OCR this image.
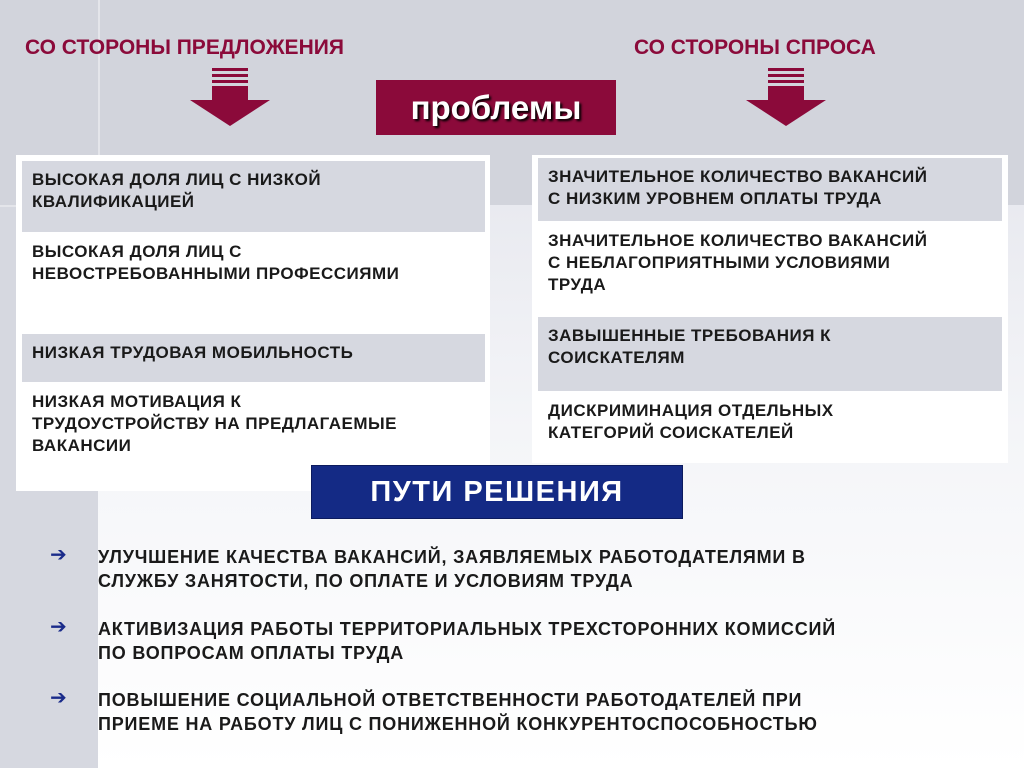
СО СТОРОНЫ ПРЕДЛОЖЕНИЯ	СО СТОРОНЫ СПРОСА
проблемы
ВЫСОКАЯ ДОЛЯ ЛИЦ С НИЗКОЙ
КВАЛИФИКАЦИЕЙ
ВЫСОКАЯ ДОЛЯ ЛИЦ С
НЕВОСТРЕБОВАННЫМИ ПРОФЕССИЯМИ
НИЗКАЯ ТРУДОВАЯ МОБИЛЬНОСТЬ
НИЗКАЯ МОТИВАЦИЯ К
ТРУДОУСТРОЙСТВУ НА ПРЕДЛАГАЕМЫЕ
ВАКАНСИИ
ЗНАЧИТЕЛЬНОЕ КОЛИЧЕСТВО ВАКАНСИЙ
С НИЗКИМ УРОВНЕМ ОПЛАТЫ ТРУДА
ЗНАЧИТЕЛЬНОЕ КОЛИЧЕСТВО ВАКАНСИЙ
С НЕБЛАГОПРИЯТНЫМИ УСЛОВИЯМИ
ТРУДА
ЗАВЫШЕННЫЕ ТРЕБОВАНИЯ К
СОИСКАТЕЛЯМ
ДИСКРИМИНАЦИЯ ОТДЕЛЬНЫХ
КАТЕГОРИЙ СОИСКАТЕЛЕЙ
ПУТИ РЕШЕНИЯ
➔	УЛУЧШЕНИЕ КАЧЕСТВА ВАКАНСИЙ, ЗАЯВЛЯЕМЫХ РАБОТОДАТЕЛЯМИ В
СЛУЖБУ ЗАНЯТОСТИ, ПО ОПЛАТЕ И УСЛОВИЯМ ТРУДА
➔	АКТИВИЗАЦИЯ РАБОТЫ ТЕРРИТОРИАЛЬНЫХ ТРЕХСТОРОННИХ КОМИССИЙ
ПО ВОПРОСАМ ОПЛАТЫ ТРУДА
➔	ПОВЫШЕНИЕ СОЦИАЛЬНОЙ ОТВЕТСТВЕННОСТИ РАБОТОДАТЕЛЕЙ ПРИ
ПРИЕМЕ НА РАБОТУ ЛИЦ С ПОНИЖЕННОЙ КОНКУРЕНТОСПОСОБНОСТЬЮ
